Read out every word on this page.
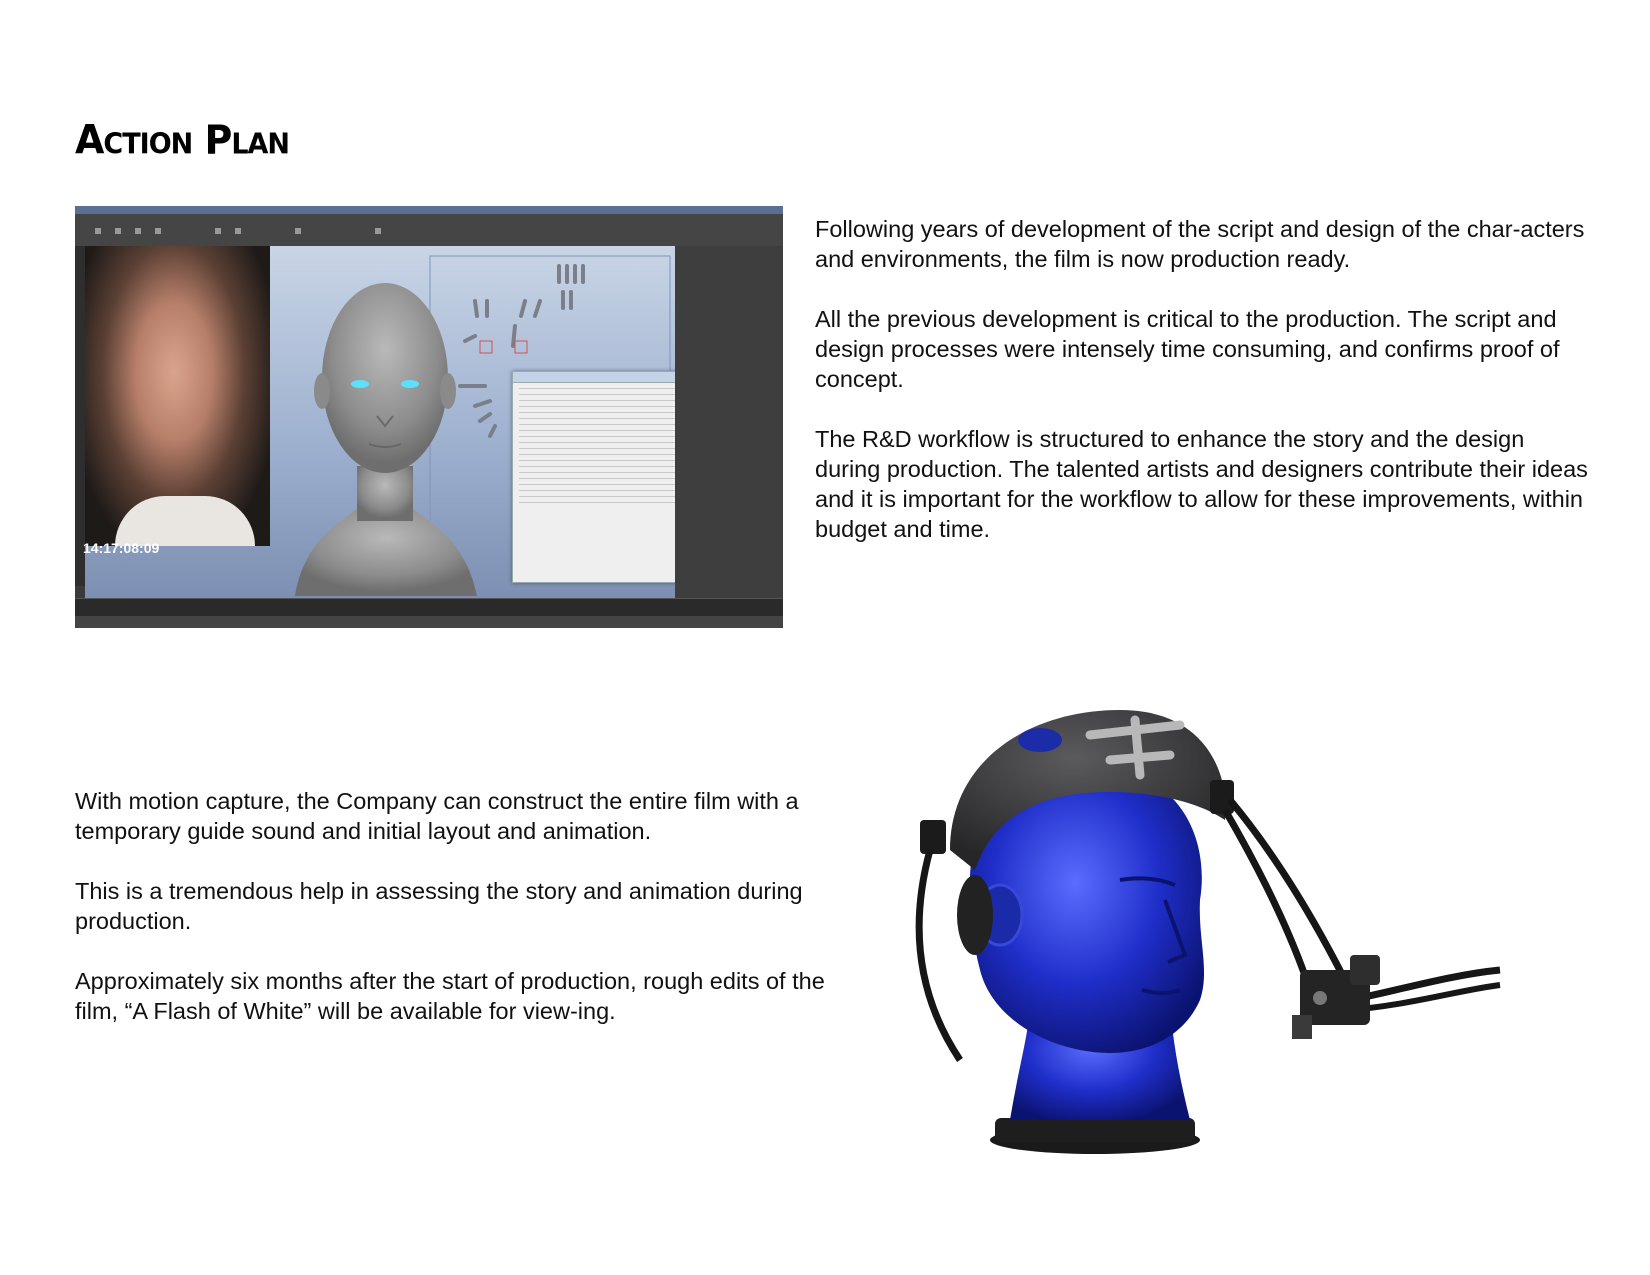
Action Plan
14:17:08:09

Following years of development of the script and design of the char-acters and environments, the film is now production ready.

All the previous development is critical to the production. The script and design processes were intensely time consuming, and confirms proof of concept.

The R&D workflow is structured to enhance the story and the design during production. The talented artists and designers contribute their ideas and it is important for the workflow to allow for these improvements, within budget and time.

With motion capture, the Company can construct the entire film with a temporary guide sound and initial layout and animation.

This is a tremendous help in assessing the story and animation during production.

Approximately six months after the start of production, rough edits of the film, “A Flash of White” will be available for view-ing.
